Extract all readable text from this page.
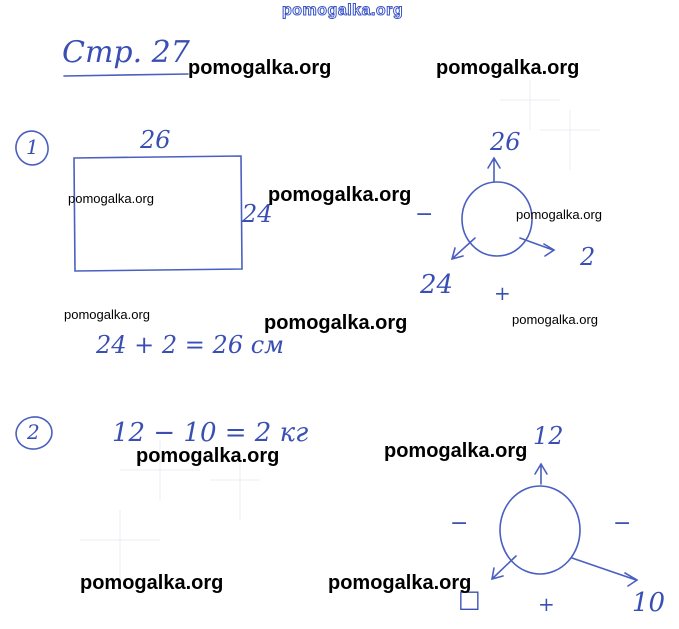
pomogalka.org
Стр. 27
1	26
24
24 + 2 = 26 см
26
−
24
2
+
2	12 − 10 = 2 кг	12
−	−
□	+	10
pomogalka.org	pomogalka.org
pomogalka.org	pomogalka.org
pomogalka.org
pomogalka.org	pomogalka.org	pomogalka.org
pomogalka.org	pomogalka.org
pomogalka.org	pomogalka.org
